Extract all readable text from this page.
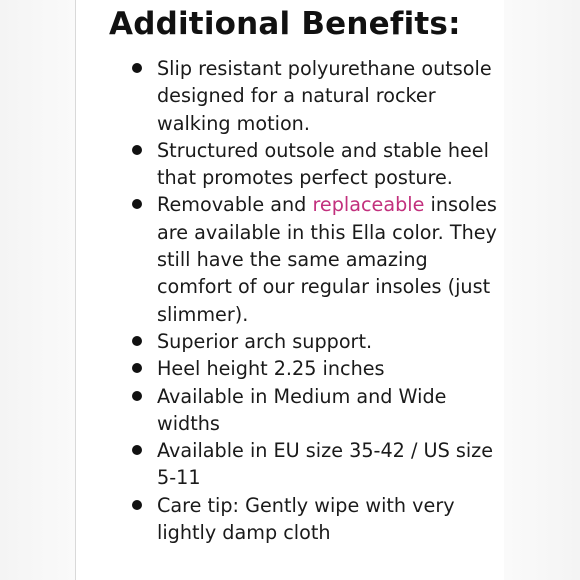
Additional Benefits:
Slip resistant polyurethane outsole designed for a natural rocker walking motion.
Structured outsole and stable heel that promotes perfect posture.
Removable and replaceable insoles are available in this Ella color. They still have the same amazing comfort of our regular insoles (just slimmer).
Superior arch support.
Heel height 2.25 inches
Available in Medium and Wide widths
Available in EU size 35-42 / US size 5-11
Care tip: Gently wipe with very lightly damp cloth
